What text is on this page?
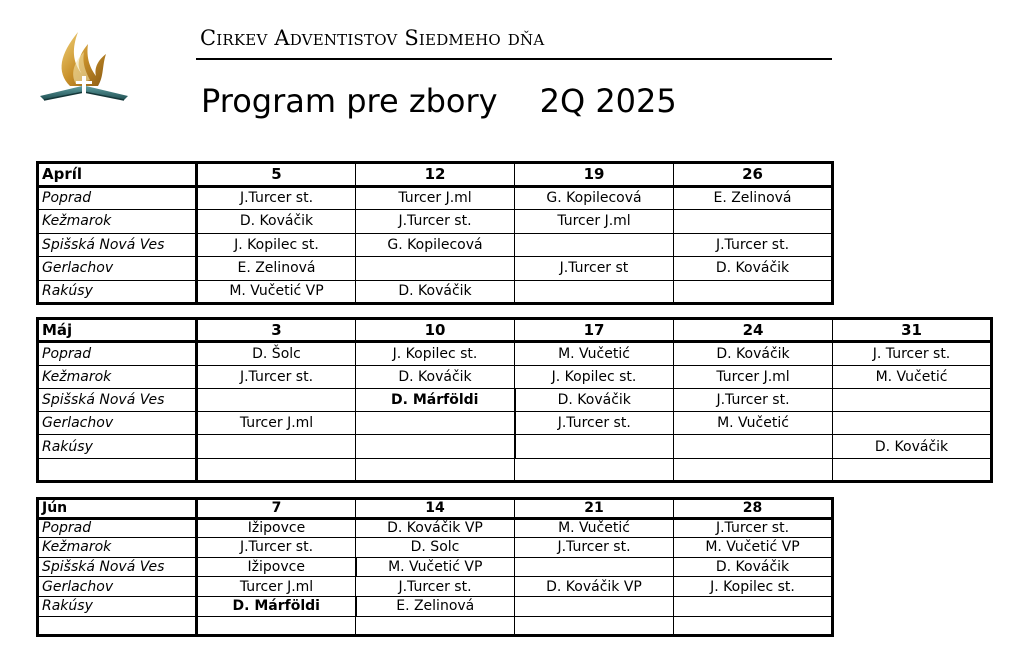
Cirkev Adventistov Siedmeho dňa
Program pre zbory 2Q 2025
Apríl	5	12	19	26
Poprad	J.Turcer st.	Turcer J.ml	G. Kopilecová	E. Zelinová
Kežmarok	D. Kováčik	J.Turcer st.	Turcer J.ml	
Spišská Nová Ves	J. Kopilec st.	G. Kopilecová		J.Turcer st.
Gerlachov	E. Zelinová		J.Turcer st	D. Kováčik
Rakúsy	M. Vučetić VP	D. Kováčik		
Máj	3	10	17	24	31
Poprad	D. Šolc	J. Kopilec st.	M. Vučetić	D. Kováčik	J. Turcer st.
Kežmarok	J.Turcer st.	D. Kováčik	J. Kopilec st.	Turcer J.ml	M. Vučetić
Spišská Nová Ves		D. Márföldi	D. Kováčik	J.Turcer st.	
Gerlachov	Turcer J.ml		J.Turcer st.	M. Vučetić	
Rakúsy					D. Kováčik

Jún	7	14	21	28
Poprad	Ižipovce	D. Kováčik VP	M. Vučetić	J.Turcer st.
Kežmarok	J.Turcer st.	D. Solc	J.Turcer st.	M. Vučetić VP
Spišská Nová Ves	Ižipovce	M. Vučetić VP		D. Kováčik
Gerlachov	Turcer J.ml	J.Turcer st.	D. Kováčik VP	J. Kopilec st.
Rakúsy	D. Márföldi	E. Zelinová		
